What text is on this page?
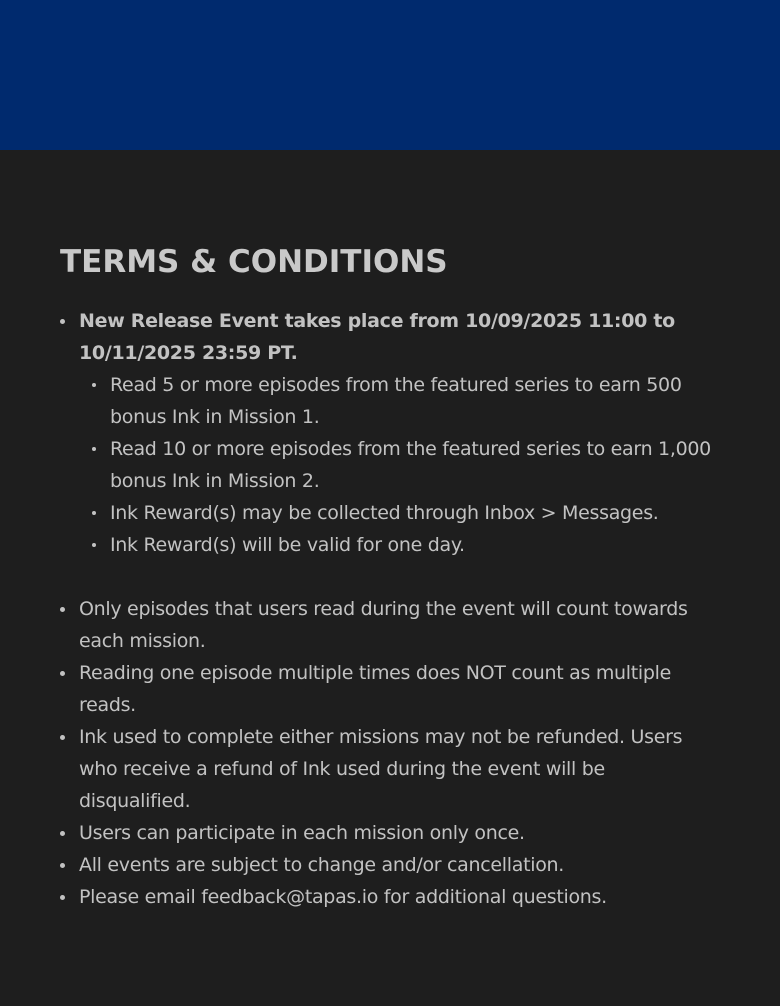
TERMS & CONDITIONS
New Release Event takes place from 10/09/2025 11:00 to 10/11/2025 23:59 PT.
Read 5 or more episodes from the featured series to earn 500 bonus Ink in Mission 1.
Read 10 or more episodes from the featured series to earn 1,000 bonus Ink in Mission 2.
Ink Reward(s) may be collected through Inbox > Messages.
Ink Reward(s) will be valid for one day.
Only episodes that users read during the event will count towards each mission.
Reading one episode multiple times does NOT count as multiple reads.
Ink used to complete either missions may not be refunded. Users who receive a refund of Ink used during the event will be disqualified.
Users can participate in each mission only once.
All events are subject to change and/or cancellation.
Please email feedback@tapas.io for additional questions.
